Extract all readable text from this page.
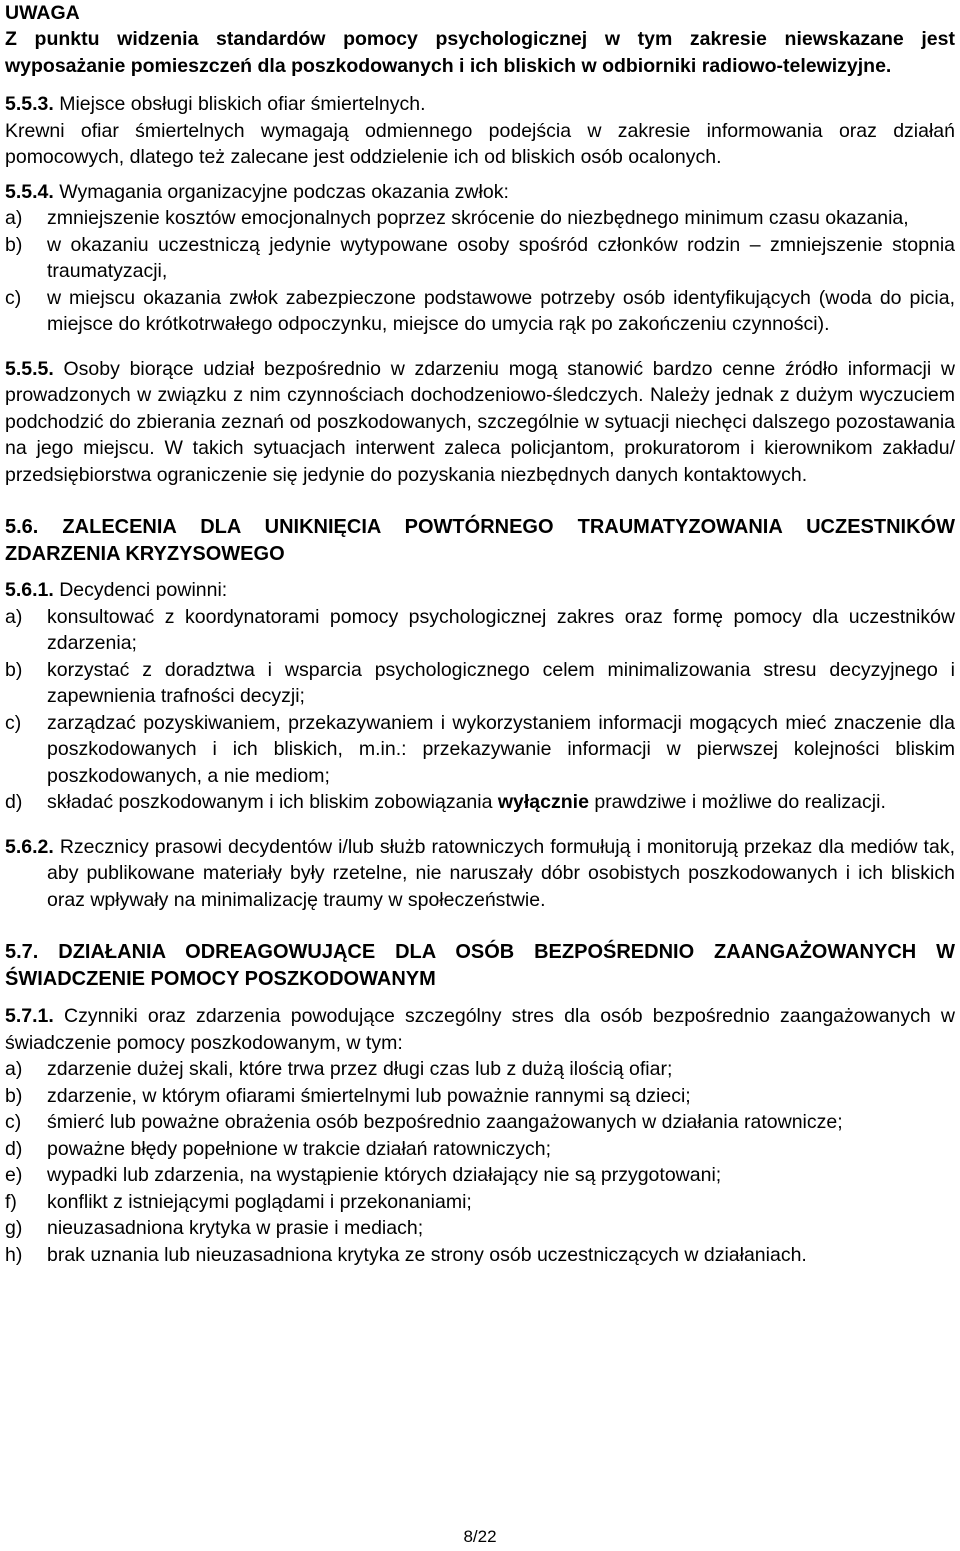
UWAGA

Z punktu widzenia standardów pomocy psychologicznej w tym zakresie niewskazane jest wyposażanie pomieszczeń dla poszkodowanych i ich bliskich w odbiorniki radiowo-telewizyjne.

5.5.3. Miejsce obsługi bliskich ofiar śmiertelnych.

Krewni ofiar śmiertelnych wymagają odmiennego podejścia w zakresie informowania oraz działań pomocowych, dlatego też zalecane jest oddzielenie ich od bliskich osób ocalonych.

5.5.4. Wymagania organizacyjne podczas okazania zwłok:

a)	zmniejszenie kosztów emocjonalnych poprzez skrócenie do niezbędnego minimum czasu okazania,
b)	w okazaniu uczestniczą jedynie wytypowane osoby spośród członków rodzin – zmniejszenie stopnia traumatyzacji,
c)	w miejscu okazania zwłok zabezpieczone podstawowe potrzeby osób identyfikujących (woda do picia, miejsce do krótkotrwałego odpoczynku, miejsce do umycia rąk po zakończeniu czynności).

5.5.5. Osoby biorące udział bezpośrednio w zdarzeniu mogą stanowić bardzo cenne źródło informacji w prowadzonych w związku z nim czynnościach dochodzeniowo-śledczych. Należy jednak z dużym wyczuciem podchodzić do zbierania zeznań od poszkodowanych, szczególnie w sytuacji niechęci dalszego pozostawania na jego miejscu. W takich sytuacjach interwent zaleca policjantom, prokuratorom i kierownikom zakładu/ przedsiębiorstwa ograniczenie się jedynie do pozyskania niezbędnych danych kontaktowych.

5.6. ZALECENIA DLA UNIKNIĘCIA POWTÓRNEGO TRAUMATYZOWANIA UCZESTNIKÓW ZDARZENIA KRYZYSOWEGO

5.6.1. Decydenci powinni:

a)	konsultować z koordynatorami pomocy psychologicznej zakres oraz formę pomocy dla uczestników zdarzenia;
b)	korzystać z doradztwa i wsparcia psychologicznego celem minimalizowania stresu decyzyjnego i zapewnienia trafności decyzji;
c)	zarządzać pozyskiwaniem, przekazywaniem i wykorzystaniem informacji mogących mieć znaczenie dla poszkodowanych i ich bliskich, m.in.: przekazywanie informacji w pierwszej kolejności bliskim poszkodowanych, a nie mediom;
d)	składać poszkodowanym i ich bliskim zobowiązania wyłącznie prawdziwe i możliwe do realizacji.

5.6.2. Rzecznicy prasowi decydentów i/lub służb ratowniczych formułują i monitorują przekaz dla mediów tak, aby publikowane materiały były rzetelne, nie naruszały dóbr osobistych poszkodowanych i ich bliskich oraz wpływały na minimalizację traumy w społeczeństwie.

5.7. DZIAŁANIA ODREAGOWUJĄCE DLA OSÓB BEZPOŚREDNIO ZAANGAŻOWANYCH W ŚWIADCZENIE POMOCY POSZKODOWANYM

5.7.1. Czynniki oraz zdarzenia powodujące szczególny stres dla osób bezpośrednio zaangażowanych w świadczenie pomocy poszkodowanym, w tym:

a)	zdarzenie dużej skali, które trwa przez długi czas lub z dużą ilością ofiar;
b)	zdarzenie, w którym ofiarami śmiertelnymi lub poważnie rannymi są dzieci;
c)	śmierć lub poważne obrażenia osób bezpośrednio zaangażowanych w działania ratownicze;
d)	poważne błędy popełnione w trakcie działań ratowniczych;
e)	wypadki lub zdarzenia, na wystąpienie których działający nie są przygotowani;
f)	konflikt z istniejącymi poglądami i przekonaniami;
g)	nieuzasadniona krytyka w prasie i mediach;
h)	brak uznania lub nieuzasadniona krytyka ze strony osób uczestniczących w działaniach.
8/22
